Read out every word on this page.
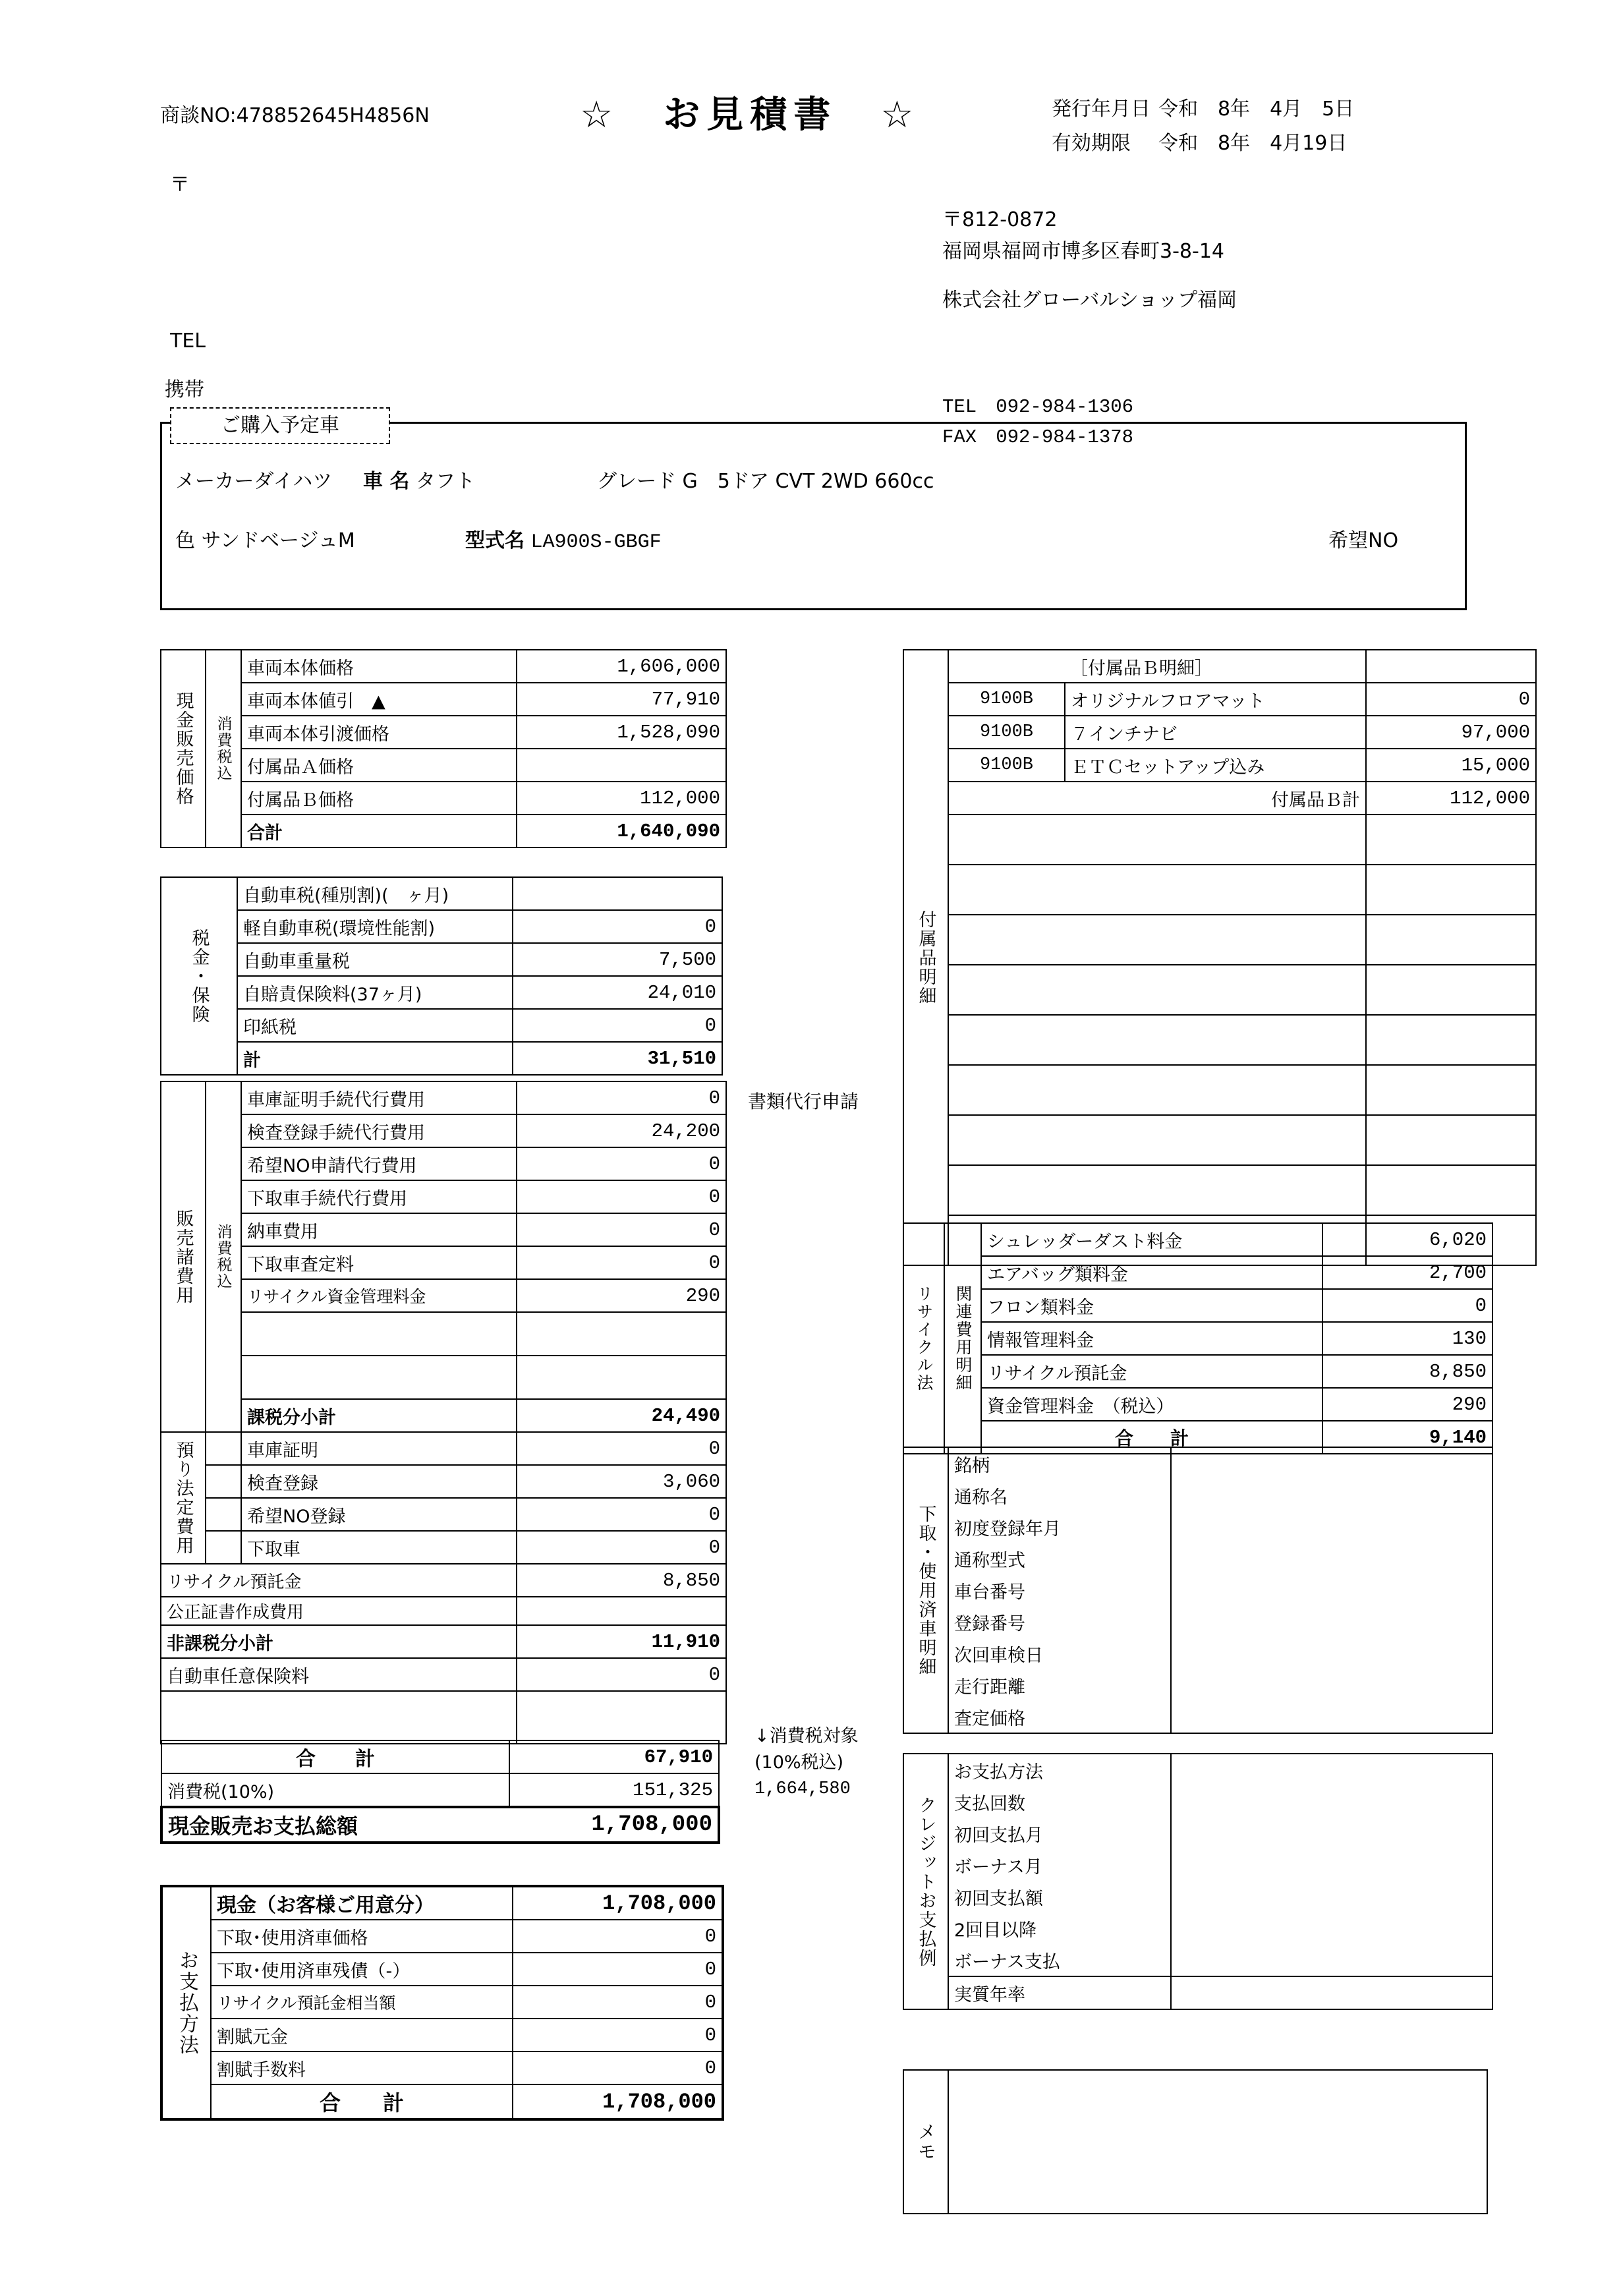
商談NO:478852645H4856N	☆　お見積書　☆	発行年月日	令和　8年　4月　5日
有効期限	令和　8年　4月19日
〒
〒812-0872
福岡県福岡市博多区春町3-8-14
株式会社グローバルショップ福岡
TEL
携帯
TEL　092-984-1306
FAX　092-984-1378
メーカーダイハツ 車 名 タフト	グレード G　5ドア CVT 2WD 660cc
色 サンドベージュM	型式名 LA900S-GBGF	希望NO
ご購入予定車
現金販売価格	消費税込	車両本体価格	1,606,000
		車両本体値引　▲	77,910
		車両本体引渡価格	1,528,090
		付属品Ａ価格	
		付属品Ｂ価格	112,000
		合計	1,640,090
税金・保険	自動車税(種別割)(　ヶ月)	
	軽自動車税(環境性能割)	0
	自動車重量税	7,500
	自賠責保険料(37ヶ月)	24,010
	印紙税	0
	計	31,510
販売諸費用	消費税込	車庫証明手続代行費用	0
		検査登録手続代行費用	24,200
		希望NO申請代行費用	0
		下取車手続代行費用	0
		納車費用	0
		下取車査定料	0
		リサイクル資金管理料金	290

		課税分小計	24,490
預り法定費用		車庫証明	0
		検査登録	3,060
		希望NO登録	0
		下取車	0
リサイクル預託金			8,850
公正証書作成費用			
非課税分小計			11,910
自動車任意保険料			0

合　　計	67,910
消費税(10%)	151,325
現金販売お支払総額	1,708,000
↓消費税対象
(10%税込)
1,664,580
書類代行申請
お支払方法	現金（お客様ご用意分）	1,708,000
	下取･使用済車価格	0
	下取･使用済車残債（-）	0
	リサイクル預託金相当額	0
	割賦元金	0
	割賦手数料	0
	合　　計	1,708,000
付属品明細		［付属品Ｂ明細］	
	9100B	オリジナルフロアマット	0
	9100B	７インチナビ	97,000
	9100B	ＥＴＣセットアップ込み	15,000
		付属品Ｂ計	112,000

リサイクル法	関連費用明細	シュレッダーダスト料金	6,020
		エアバッグ類料金	2,700
		フロン類料金	0
		情報管理料金	130
		リサイクル預託金	8,850
		資金管理料金　（税込）	290
		合　　計	9,140
下取・使用済車明細	銘柄	
	通称名	
	初度登録年月	
	通称型式	
	車台番号	
	登録番号	
	次回車検日	
	走行距離	
	査定価格	
クレジットお支払例	お支払方法	
	支払回数	
	初回支払月	
	ボーナス月	
	初回支払額	
	2回目以降	
	ボーナス支払	
	実質年率	
メモ	
